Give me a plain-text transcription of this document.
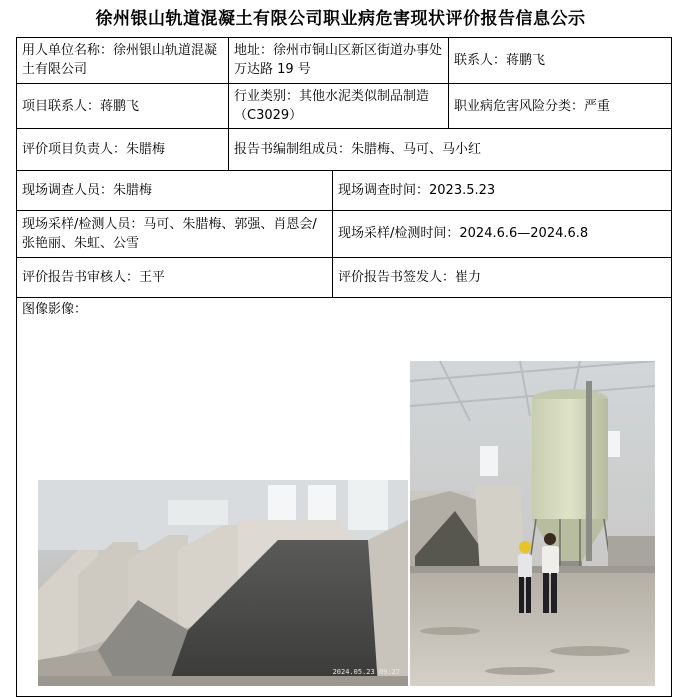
徐州银山轨道混凝土有限公司职业病危害现状评价报告信息公示
用人单位名称：徐州银山轨道混凝土有限公司	地址：徐州市铜山区新区街道办事处万达路 19 号		联系人：蒋鹏飞
项目联系人：蒋鹏飞	行业类别：其他水泥类似制品制造（C3029）		职业病危害风险分类：严重
评价项目负责人：朱腊梅	报告书编制组成员：朱腊梅、马可、马小红		
现场调查人员：朱腊梅		现场调查时间：2023.5.23	
现场采样/检测人员：马可、朱腊梅、郭强、肖恩会/张艳丽、朱虹、公雪		现场采样/检测时间：2024.6.6—2024.6.8	
评价报告书审核人：王平		评价报告书签发人：崔力	

图像影像：
2024.05.23 09:27			
